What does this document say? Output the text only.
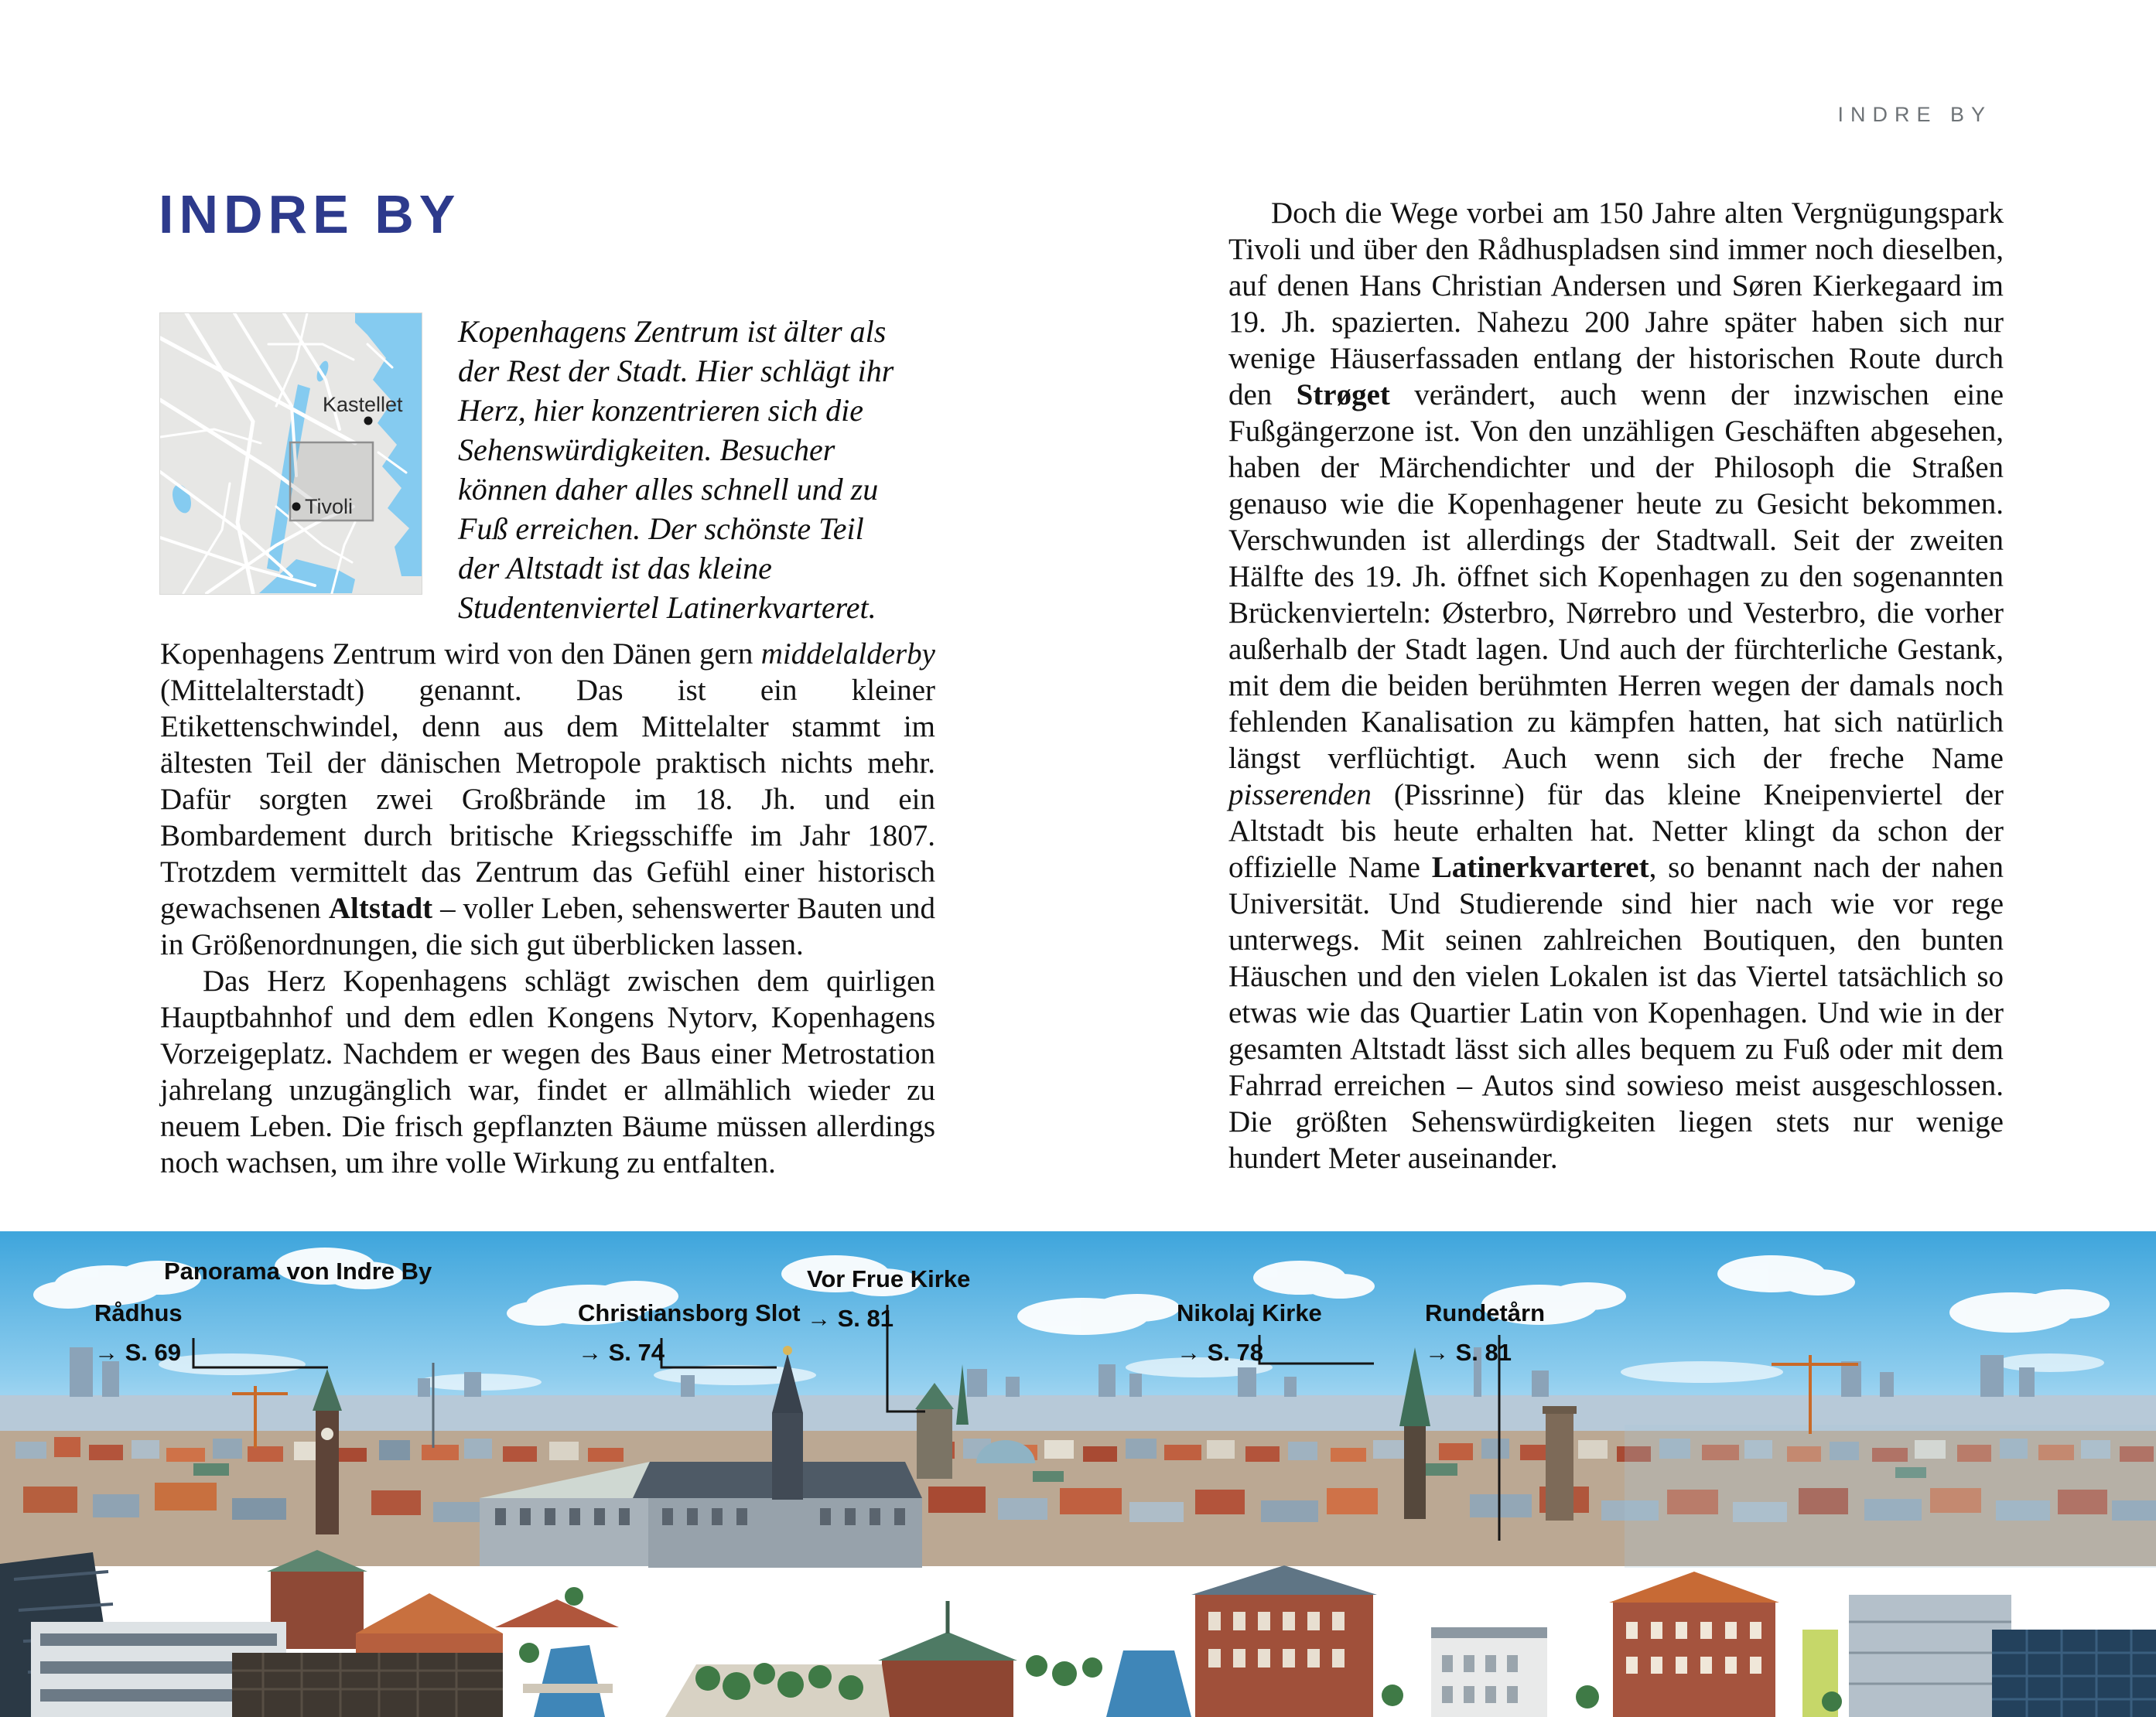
INDRE BY
INDRE BY
Kastellet
Tivoli
Kopenhagens Zentrum ist älter als der Rest der Stadt. Hier schlägt ihr Herz, hier konzentrieren sich die Sehenswürdigkeiten. Besucher können daher alles schnell und zu Fuß erreichen. Der schönste Teil der Altstadt ist das kleine Studentenviertel Latinerkvarteret.

Kopenhagens Zentrum wird von den Dänen gern middelalderby (Mittelalterstadt) genannt. Das ist ein kleiner Etikettenschwindel, denn aus dem Mittelalter stammt im ältesten Teil der dänischen Metropole praktisch nichts mehr. Dafür sorgten zwei Großbrände im 18. Jh. und ein Bombardement durch britische Kriegsschiffe im Jahr 1807. Trotzdem vermittelt das Zentrum das Gefühl einer historisch gewachsenen Altstadt – voller Leben, sehenswerter Bauten und in Größenordnungen, die sich gut überblicken lassen.

Das Herz Kopenhagens schlägt zwischen dem quirligen Hauptbahnhof und dem edlen Kongens Nytorv, Kopenhagens Vorzeigeplatz. Nachdem er wegen des Baus einer Metrostation jahrelang unzugänglich war, findet er allmählich wieder zu neuem Leben. Die frisch gepflanzten Bäume müssen allerdings noch wachsen, um ihre volle Wirkung zu entfalten.

Doch die Wege vorbei am 150 Jahre alten Vergnügungspark Tivoli und über den Rådhuspladsen sind immer noch dieselben, auf denen Hans Christian Andersen und Søren Kierkegaard im 19. Jh. spazierten. Nahezu 200 Jahre später haben sich nur wenige Häuserfassaden entlang der historischen Route durch den Strøget verändert, auch wenn der inzwischen eine Fußgängerzone ist. Von den unzähligen Geschäften abgesehen, haben der Märchendichter und der Philosoph die Straßen genauso wie die Kopenhagener heute zu Gesicht bekommen. Verschwunden ist allerdings der Stadtwall. Seit der zweiten Hälfte des 19. Jh. öffnet sich Kopenhagen zu den sogenannten Brückenvierteln: Østerbro, Nørrebro und Vesterbro, die vorher außerhalb der Stadt lagen. Und auch der fürchterliche Gestank, mit dem die beiden berühmten Herren wegen der damals noch fehlenden Kanalisation zu kämpfen hatten, hat sich natürlich längst verflüchtigt. Auch wenn sich der freche Name pisserenden (Pissrinne) für das kleine Kneipenviertel der Altstadt bis heute erhalten hat. Netter klingt da schon der offizielle Name Latinerkvarteret, so benannt nach der nahen Universität. Und Studierende sind hier nach wie vor rege unterwegs. Mit seinen zahlreichen Boutiquen, den bunten Häuschen und den vielen Lokalen ist das Viertel tatsächlich so etwas wie das Quartier Latin von Kopenhagen. Und wie in der gesamten Altstadt lässt sich alles bequem zu Fuß oder mit dem Fahrrad erreichen – Autos sind sowieso meist ausgeschlossen. Die größten Sehenswürdigkeiten liegen stets nur wenige hundert Meter auseinander.

Panorama von Indre By
Rådhus
→ S. 69
Christiansborg Slot
→ S. 74
Vor Frue Kirke
→ S. 81	Nikolaj Kirke
→ S. 78
Rundetårn
→ S. 81
